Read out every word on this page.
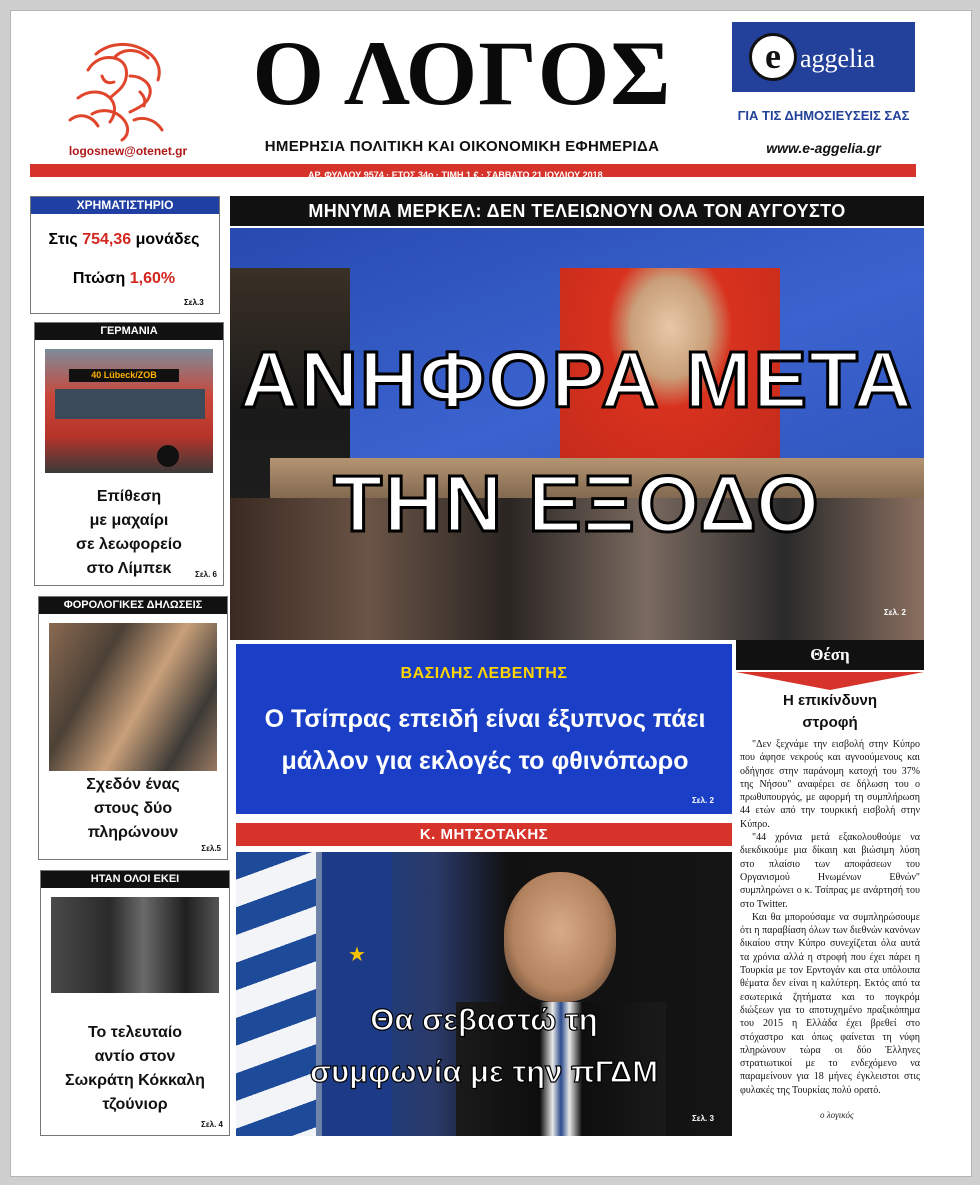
logosnew@otenet.gr
Ο ΛΟΓΟΣ
ΗΜΕΡΗΣΙΑ ΠΟΛΙΤΙΚΗ ΚΑΙ ΟΙΚΟΝΟΜΙΚΗ ΕΦΗΜΕΡΙΔΑ
e aggelia
ΓΙΑ ΤΙΣ ΔΗΜΟΣΙΕΥΣΕΙΣ ΣΑΣ
www.e-aggelia.gr
ΑΡ. ΦΥΛΛΟΥ 9574 · ΕΤΟΣ 34ο · ΤΙΜΗ 1 € · ΣΑΒΒΑΤΟ 21 ΙΟΥΛΙΟΥ 2018
ΧΡΗΜΑΤΙΣΤΗΡΙΟ
Στις 754,36 μονάδες
Πτώση 1,60%
Σελ.3
ΓΕΡΜΑΝΙΑ
40 Lübeck/ZOB
Επίθεση
με μαχαίρι
σε λεωφορείο
στο Λίμπεκ	Σελ. 6
ΦΟΡΟΛΟΓΙΚΕΣ ΔΗΛΩΣΕΙΣ
Σχεδόν ένας
στους δύο
πληρώνουν
Σελ.5
ΗΤΑΝ ΟΛΟΙ ΕΚΕΙ
Το τελευταίο
αντίο στον
Σωκράτη Κόκκαλη
τζούνιορ
Σελ. 4
ΜΗΝΥΜΑ ΜΕΡΚΕΛ: ΔΕΝ ΤΕΛΕΙΩΝΟΥΝ ΟΛΑ ΤΟΝ ΑΥΓΟΥΣΤΟ
ΑΝΗΦΟΡΑ ΜΕΤΑ
ΤΗΝ ΕΞΟΔΟ
Σελ. 2
ΒΑΣΙΛΗΣ ΛΕΒΕΝΤΗΣ
Ο Τσίπρας επειδή είναι έξυπνος πάει
μάλλον για εκλογές το φθινόπωρο
Σελ. 2
Κ. ΜΗΤΣΟΤΑΚΗΣ
★
Θα σεβαστώ τη
συμφωνία με την πΓΔΜ
Σελ. 3
Θέση
Η επικίνδυνη
στροφή

"Δεν ξεχνάμε την εισβολή στην Κύπρο που άφησε νεκρούς και αγνοούμενους και οδήγησε στην παράνομη κατοχή του 37% της Νήσου" αναφέρει σε δήλωση του ο πρωθυπουργός, με αφορμή τη συμπλήρωση 44 ετών από την τουρκική εισβολή στην Κύπρο.

"44 χρόνια μετά εξακολουθούμε να διεκδικούμε μια δίκαιη και βιώσιμη λύση στο πλαίσιο των αποφάσεων του Οργανισμού Ηνωμένων Εθνών" συμπληρώνει ο κ. Τσίπρας με ανάρτησή του στο Twitter.

Και θα μπορούσαμε να συμπληρώσουμε ότι η παραβίαση όλων των διεθνών κανόνων δικαίου στην Κύπρο συνεχίζεται όλα αυτά τα χρόνια αλλά η στροφή που έχει πάρει η Τουρκία με τον Ερντογάν και στα υπόλοιπα θέματα δεν είναι η καλύτερη. Εκτός από τα εσωτερικά ζητήματα και το πογκρόμ διώξεων για το αποτυχημένο πραξικόπημα του 2015 η Ελλάδα έχει βρεθεί στο στόχαστρο και όπως φαίνεται τη νύφη πληρώνουν τώρα οι δύο Έλληνες στρατιωτικοί με το ενδεχόμενο να παραμείνουν για 18 μήνες έγκλειστοι στις φυλακές της Τουρκίας πολύ ορατό.

ο λογικός
